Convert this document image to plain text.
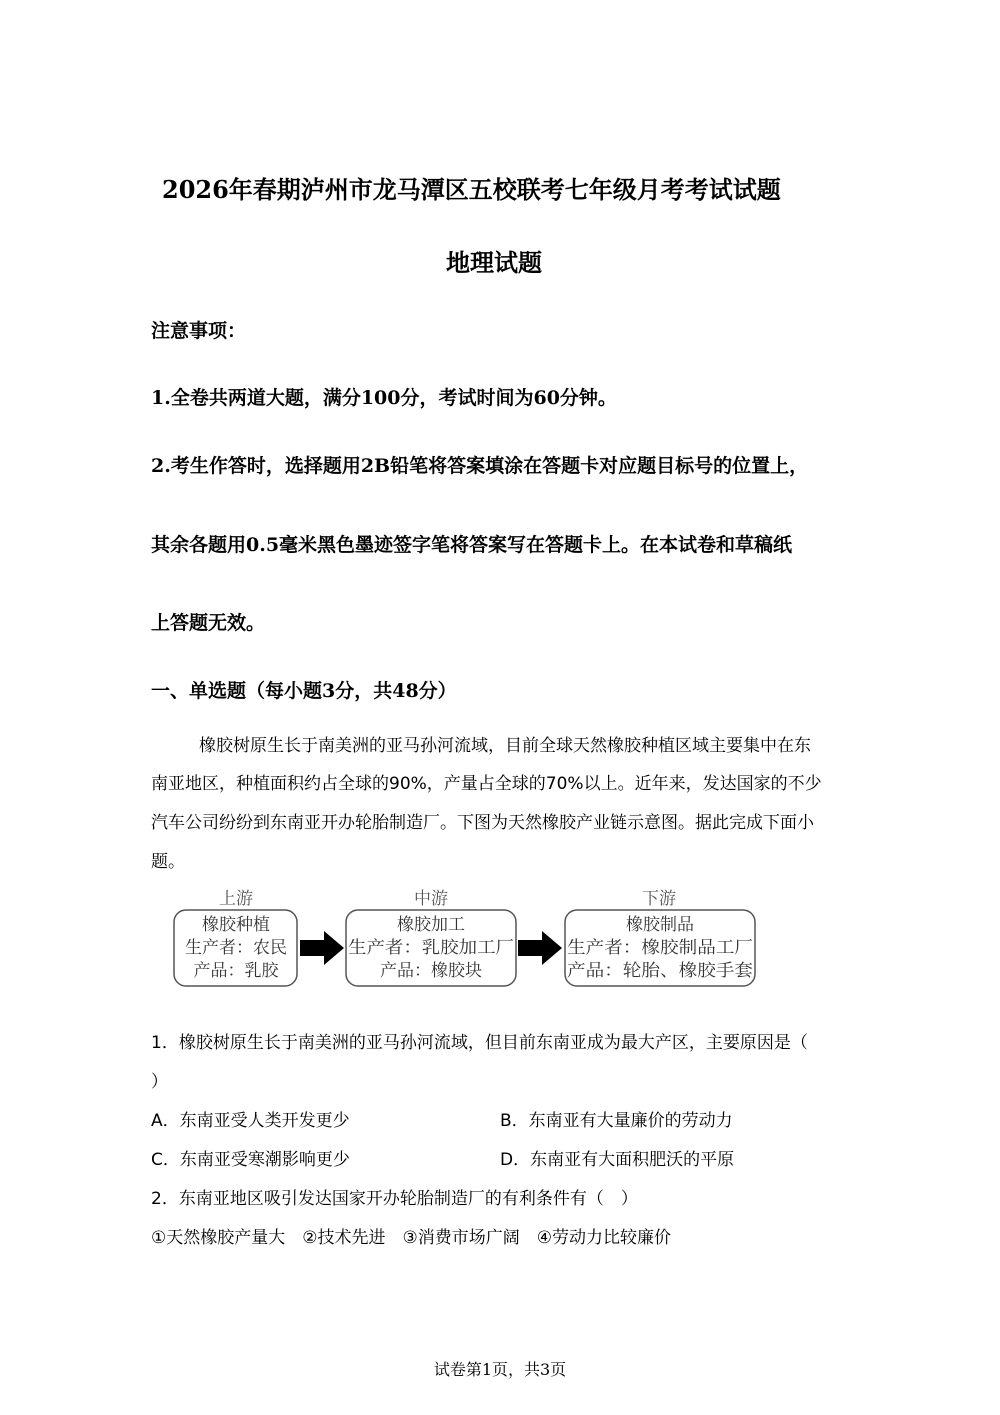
2026年春期泸州市龙马潭区五校联考七年级月考考试试题
地理试题
注意事项：
1.全卷共两道大题，满分100分，考试时间为60分钟。
2.考生作答时，选择题用2B铅笔将答案填涂在答题卡对应题目标号的位置上，
其余各题用0.5毫米黑色墨迹签字笔将答案写在答题卡上。在本试卷和草稿纸
上答题无效。
一、单选题（每小题3分，共48分）
橡胶树原生长于南美洲的亚马孙河流域，目前全球天然橡胶种植区域主要集中在东
南亚地区，种植面积约占全球的90%，产量占全球的70%以上。近年来，发达国家的不少
汽车公司纷纷到东南亚开办轮胎制造厂。下图为天然橡胶产业链示意图。据此完成下面小
题。
上游
橡胶种植
生产者：农民
产品：乳胶
中游
橡胶加工
生产者：乳胶加工厂
产品：橡胶块
下游
橡胶制品
生产者：橡胶制品工厂
产品：轮胎、橡胶手套
1．橡胶树原生长于南美洲的亚马孙河流域，但目前东南亚成为最大产区，主要原因是（
）
A．东南亚受人类开发更少	B．东南亚有大量廉价的劳动力
C．东南亚受寒潮影响更少	D．东南亚有大面积肥沃的平原
2．东南亚地区吸引发达国家开办轮胎制造厂的有利条件有（　）
①天然橡胶产量大　②技术先进　③消费市场广阔　④劳动力比较廉价
试卷第1页，共3页
